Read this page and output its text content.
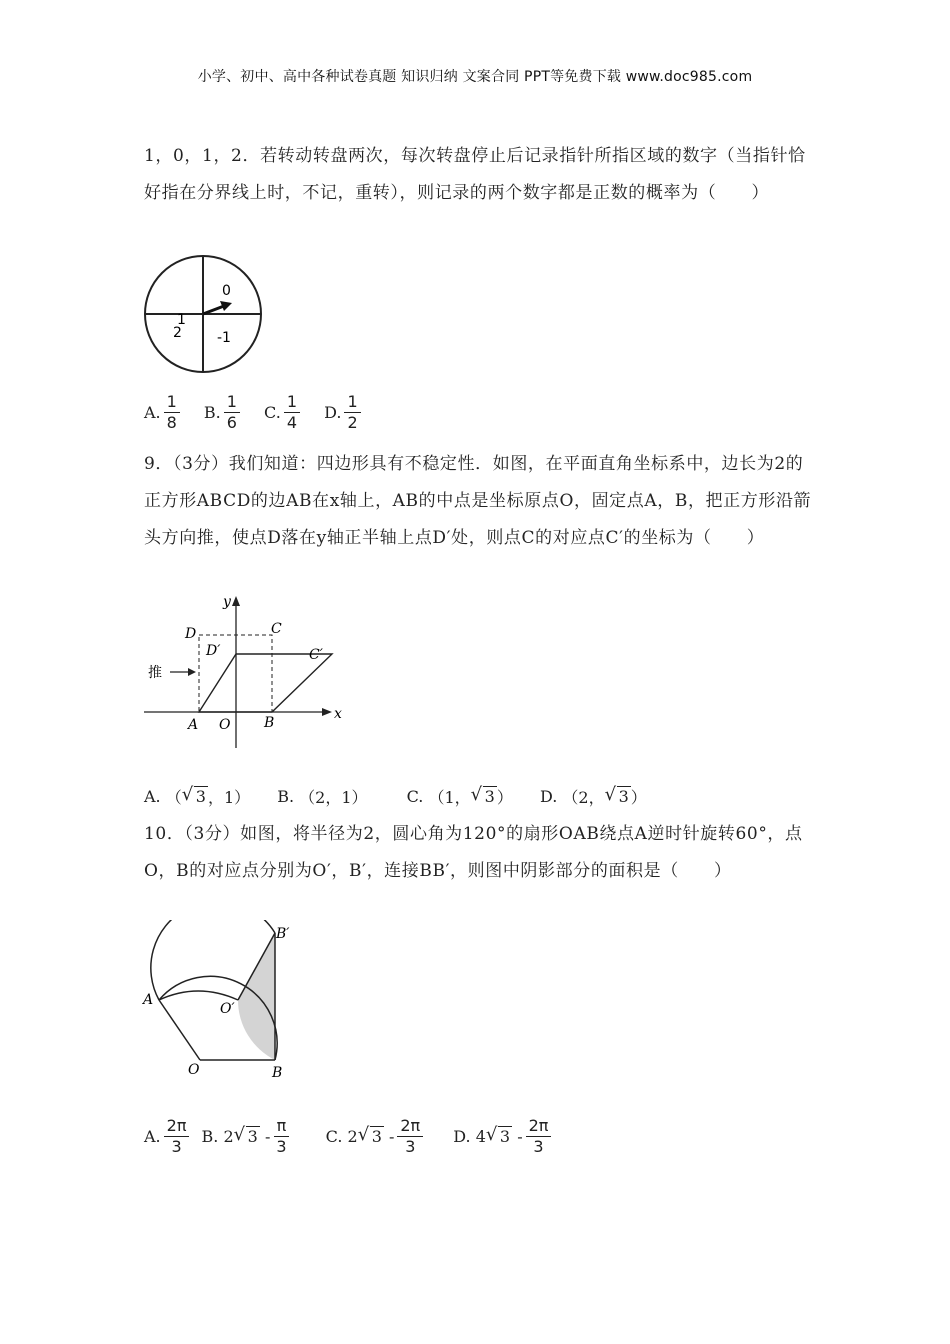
小学、初中、高中各种试卷真题 知识归纳 文案合同 PPT等免费下载 www.doc985.com
1，0，1，2．若转动转盘两次，每次转盘停止后记录指针所指区域的数字（当指针恰好指在分界线上时，不记，重转），则记录的两个数字都是正数的概率为（　　）
1
0
2	-1
A. $\frac{1}{8}$
B. $\frac{1}{6}$
C. $\frac{1}{4}$
D. $\frac{1}{2}$
9．（3分）我们知道：四边形具有不稳定性．如图，在平面直角坐标系中，边长为2的正方形ABCD的边AB在x轴上，AB的中点是坐标原点O，固定点A，B，把正方形沿箭头方向推，使点D落在y轴正半轴上点D′处，则点C的对应点C′的坐标为（　　）
y
x
D	C
D′	C′
推
A O B
A.
（ √ 3 ，1）
B.
（2，1）
C.
（1， √ 3 ）
D.
（2， √ 3 ）
10．（3分）如图，将半径为2，圆心角为120°的扇形OAB绕点A逆时针旋转60°，点O，B的对应点分别为O′，B′，连接BB′，则图中阴影部分的面积是（　　）
B′
A
O′
O	B
A. $\frac{2\pi}{3}$
B.
2 √ 3
- $\frac{\pi}{3}$
C.
2 √ 3
- $\frac{2\pi}{3}$
D.
4 √ 3
- $\frac{2\pi}{3}$
